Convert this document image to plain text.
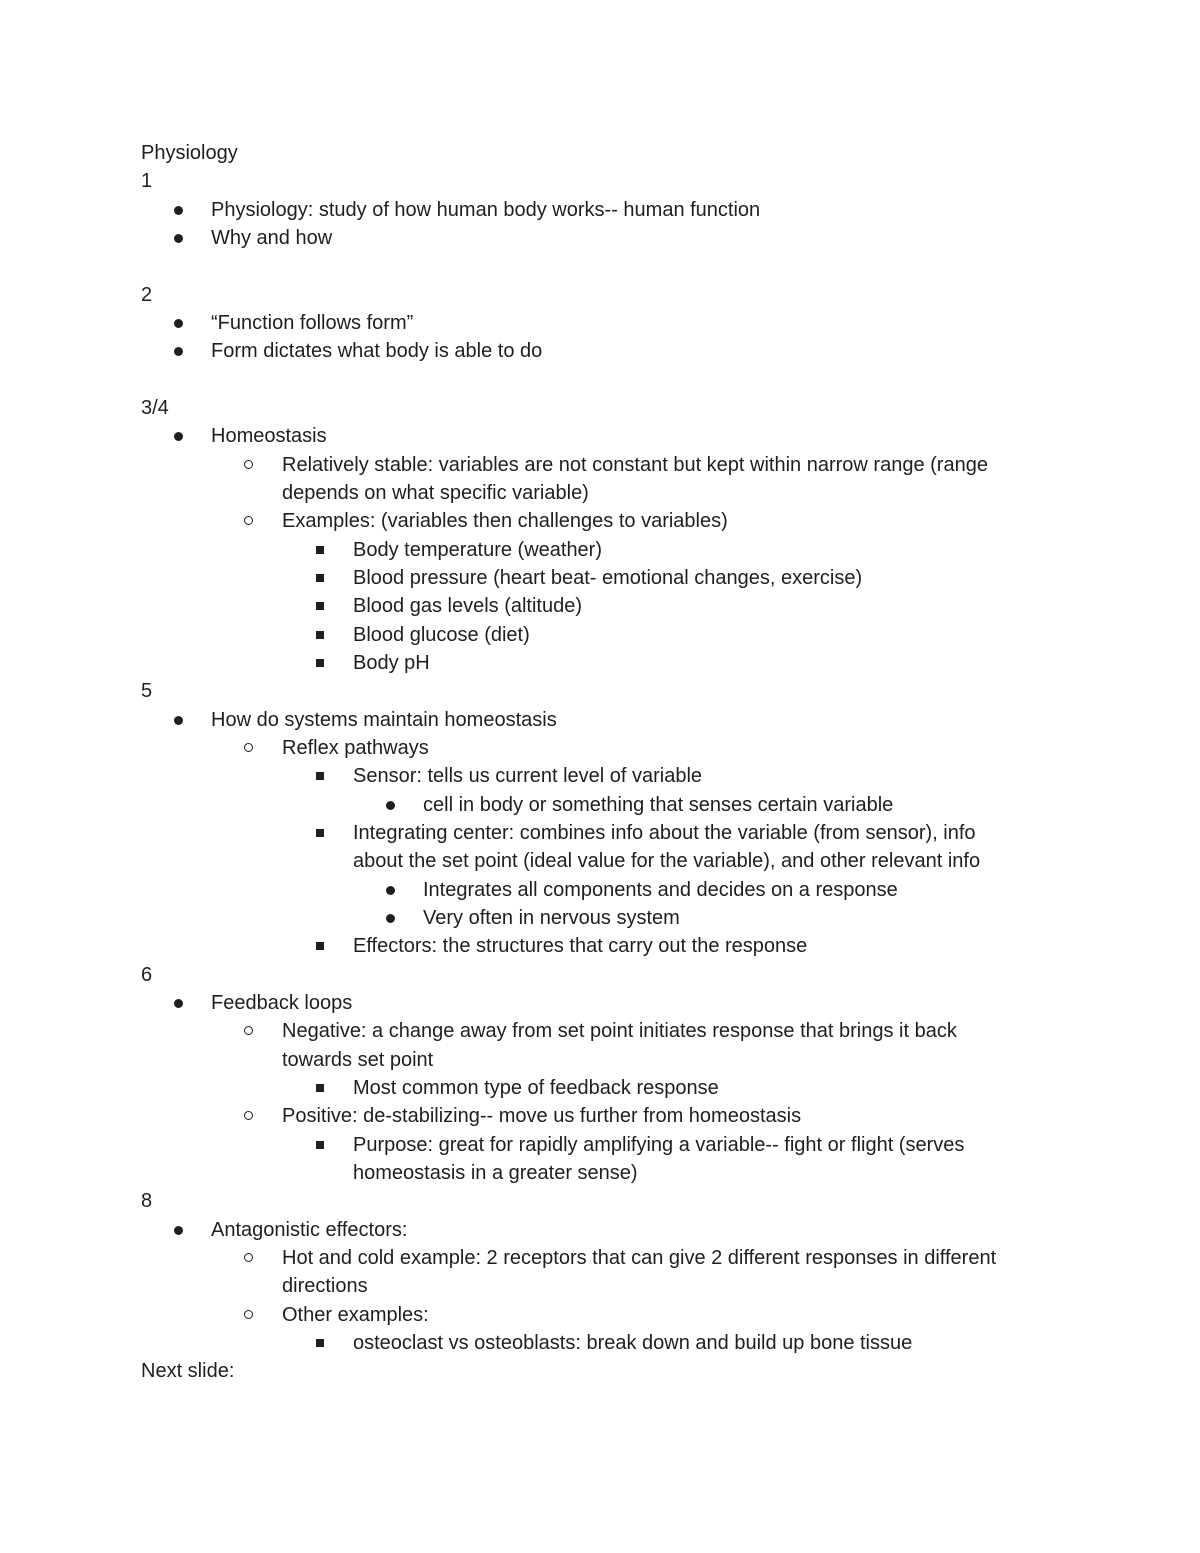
Physiology
1
Physiology: study of how human body works-- human function
Why and how
2
“Function follows form”
Form dictates what body is able to do
3/4
Homeostasis
Relatively stable: variables are not constant but kept within narrow range (range
depends on what specific variable)
Examples: (variables then challenges to variables)
Body temperature (weather)
Blood pressure (heart beat- emotional changes, exercise)
Blood gas levels (altitude)
Blood glucose (diet)
Body pH
5
How do systems maintain homeostasis
Reflex pathways
Sensor: tells us current level of variable
cell in body or something that senses certain variable
Integrating center: combines info about the variable (from sensor), info
about the set point (ideal value for the variable), and other relevant info
Integrates all components and decides on a response
Very often in nervous system
Effectors: the structures that carry out the response
6
Feedback loops
Negative: a change away from set point initiates response that brings it back
towards set point
Most common type of feedback response
Positive: de-stabilizing-- move us further from homeostasis
Purpose: great for rapidly amplifying a variable-- fight or flight (serves
homeostasis in a greater sense)
8
Antagonistic effectors:
Hot and cold example: 2 receptors that can give 2 different responses in different
directions
Other examples:
osteoclast vs osteoblasts: break down and build up bone tissue
Next slide:
